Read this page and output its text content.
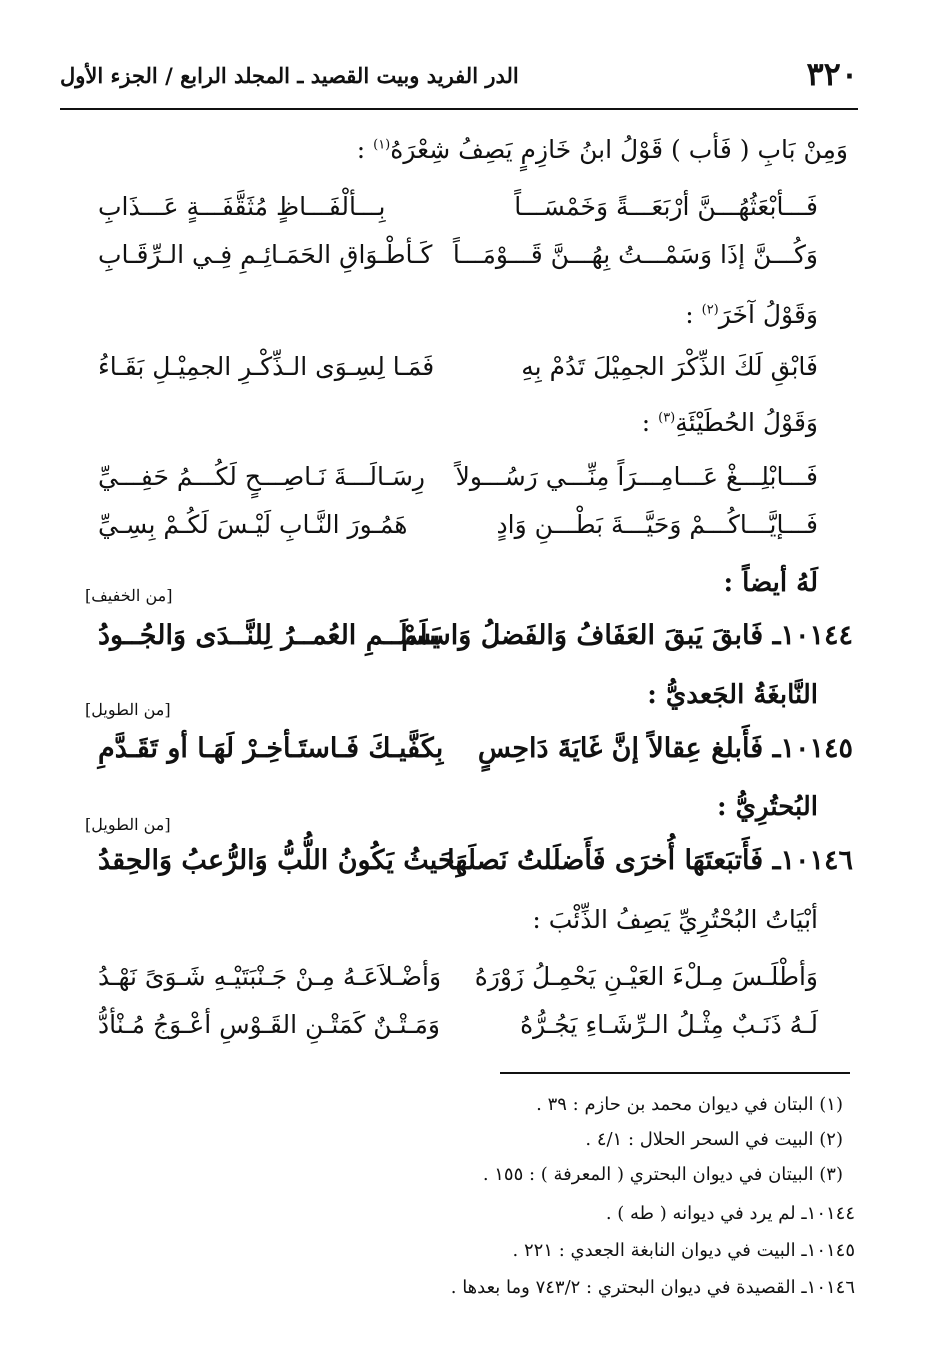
٣٢٠
الدر الفريد وبيت القصيد ـ المجلد الرابع / الجزء الأول
وَمِنْ بَابِ ( فَأب ) قَوْلُ ابنُ خَازِمٍ يَصِفُ شِعْرَهُ$^{(١)}$ :
فَـــأبْعَثُهُـــنَّ أرْبَعَـــةً وَخَمْسَـــاً
بِـــألْفَـــاظٍ مُثَقَّفَـــةٍ عَـــذَابِ
وَكُـــنَّ إذَا وَسَمْـــتُ بِهُـــنَّ قَـــوْمَـــاً
كَـأطْـوَاقِ الحَمَـائِـمِ فِـي الـرِّقَـابِ
وَقَوْلُ آخَرَ$^{(٢)}$ :
فَابْقِ لَكَ الذِّكْرَ الجمِيْلَ تَدُمْ بِهِ
فَمَـا لِسِـوَى الـذِّكْـرِ الجمِيْـلِ بَقَـاءُ
وَقَوْلُ الحُطَيْئَةِ$^{(٣)}$ :
فَـــابْلِـــغْ عَـــامِـــرَاً مِنِّـــي رَسُـــولاً
رِسَـالَـــةَ نَـاصِـــحٍ لَكُـــمُ حَفِـــيِّ
فَـــإيَّـــاكُـــمْ وَحَيَّـــةَ بَطْـــنِ وَادٍ
هَمُـورَ النَّـابِ لَيْـسَ لَكُـمْ بِسِـيِّ
لَهُ أيضاً :
[من الخفيف]
١٠١٤٤ـ فَابقَ يَبقَ العَفَافُ وَالفَضلُ وَاسلَمْ
يَسلَــمِ العُمــرُ لِلنَّــدَى وَالجُــودُ
النَّابغَةُ الجَعديُّ :
[من الطويل]
١٠١٤٥ـ فَأَبلغ عِقالاً إنَّ غَايَةَ دَاحِسٍ
بِكَفَّيـكَ فَـاستَـأخِـرْ لَهَـا أو تَقَـدَّمِ
البُحتُرِيُّ :
[من الطويل]
١٠١٤٦ـ فَأَتبَعتَهَا أُخرَى فَأَضلَلتُ نَصلَهَا
بِحَيثُ يَكُونُ اللُّبُّ وَالرُّعبُ وَالحِقدُ
أبْيَاتُ البُحْتُرِيِّ يَصِفُ الذِّئْبَ :
وَأطْلَـسَ مِـلْءَ العَيْـنِ يَحْمِـلُ زَوْرَهُ
وَأضْـلاَعَـهُ مِـنْ جَـنْبَتَيْـهِ شَـوَىً نَهْـدُ
لَـهُ ذَنَـبٌ مِثْـلُ الـرِّشَـاءِ يَجُـرُّهُ
وَمَـتْـنٌ كَمَتْـنِ القَـوْسِ أعْـوَجُ مُـنْأدُّ
(١) البتان في ديوان محمد بن حازم : ٣٩ .
(٢) البيت في السحر الحلال : ٤/١ .
(٣) البيتان في ديوان البحتري ( المعرفة ) : ١٥٥ .
١٠١٤٤ـ لم يرد في ديوانه ( طه ) .
١٠١٤٥ـ البيت في ديوان النابغة الجعدي : ٢٢١ .
١٠١٤٦ـ القصيدة في ديوان البحتري : ٧٤٣/٢ وما بعدها .
